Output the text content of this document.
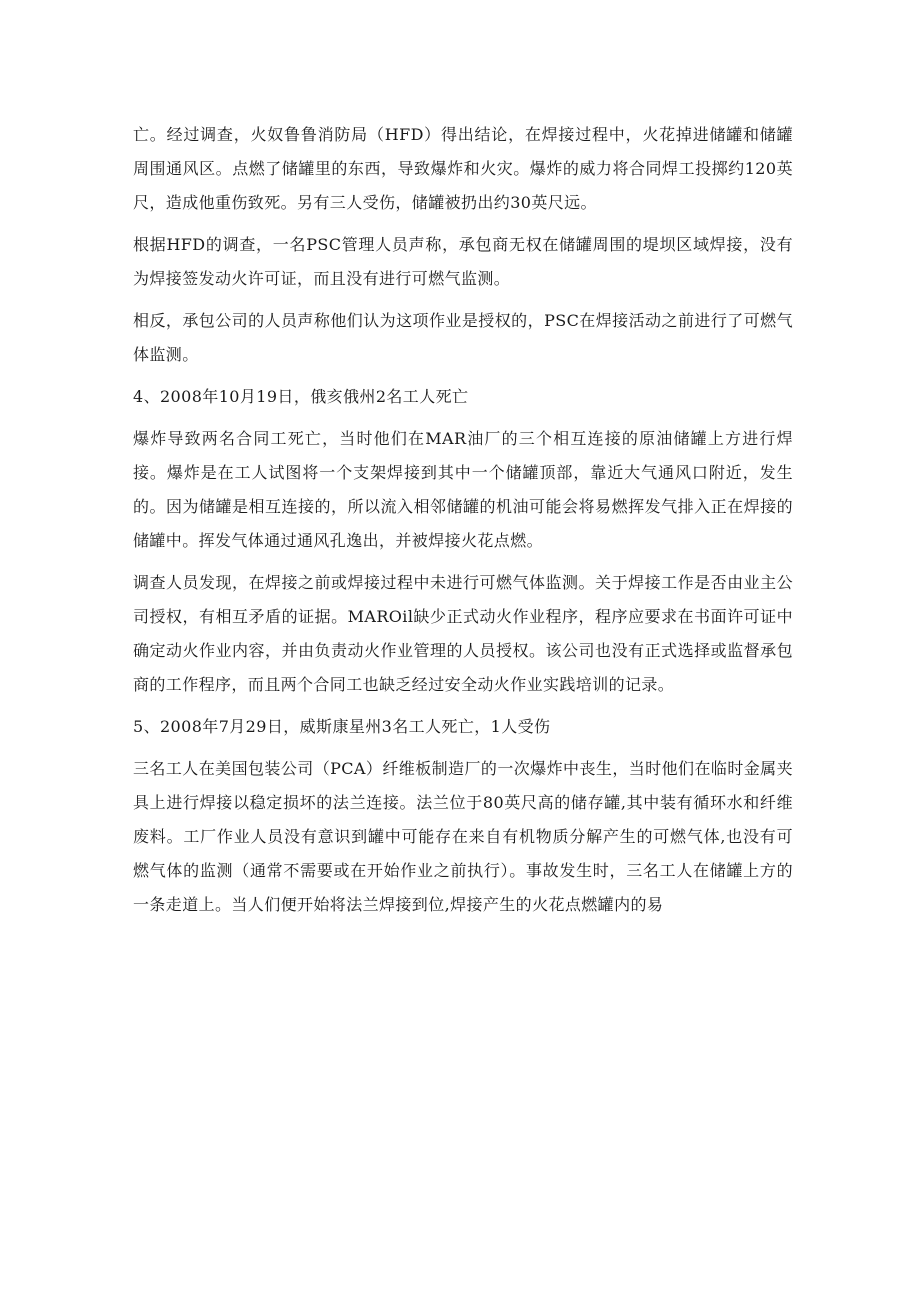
亡。经过调查，火奴鲁鲁消防局（HFD）得出结论，在焊接过程中，火花掉进储罐和储罐周围通风区。点燃了储罐里的东西，导致爆炸和火灾。爆炸的威力将合同焊工投掷约120英尺，造成他重伤致死。另有三人受伤，储罐被扔出约30英尺远。

根据HFD的调查，一名PSC管理人员声称，承包商无权在储罐周围的堤坝区域焊接，没有为焊接签发动火许可证，而且没有进行可燃气监测。

相反，承包公司的人员声称他们认为这项作业是授权的，PSC在焊接活动之前进行了可燃气体监测。

4、2008年10月19日，俄亥俄州2名工人死亡

爆炸导致两名合同工死亡，当时他们在MAR油厂的三个相互连接的原油储罐上方进行焊接。爆炸是在工人试图将一个支架焊接到其中一个储罐顶部，靠近大气通风口附近，发生的。因为储罐是相互连接的，所以流入相邻储罐的机油可能会将易燃挥发气排入正在焊接的储罐中。挥发气体通过通风孔逸出，并被焊接火花点燃。

调查人员发现，在焊接之前或焊接过程中未进行可燃气体监测。关于焊接工作是否由业主公司授权，有相互矛盾的证据。MAROil缺少正式动火作业程序，程序应要求在书面许可证中确定动火作业内容，并由负责动火作业管理的人员授权。该公司也没有正式选择或监督承包商的工作程序，而且两个合同工也缺乏经过安全动火作业实践培训的记录。

5、2008年7月29日，威斯康星州3名工人死亡，1人受伤

三名工人在美国包装公司（PCA）纤维板制造厂的一次爆炸中丧生，当时他们在临时金属夹具上进行焊接以稳定损坏的法兰连接。法兰位于80英尺高的储存罐,其中装有循环水和纤维废料。工厂作业人员没有意识到罐中可能存在来自有机物质分解产生的可燃气体,也没有可燃气体的监测（通常不需要或在开始作业之前执行）。事故发生时，三名工人在储罐上方的一条走道上。当人们便开始将法兰焊接到位,焊接产生的火花点燃罐内的易
